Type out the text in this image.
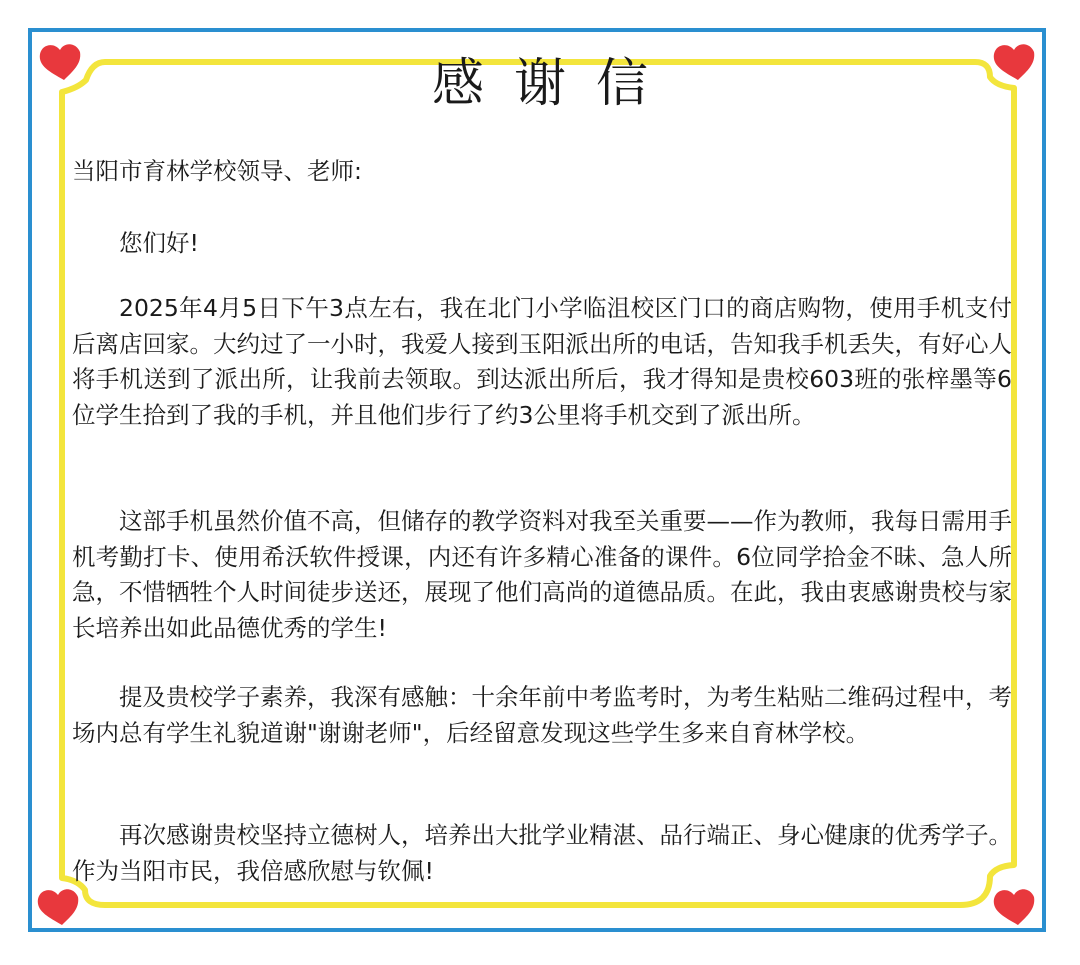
感谢信
当阳市育林学校领导、老师:
您们好!
2025年4月5日下午3点左右，我在北门小学临沮校区门口的商店购物，使用手机支付后离店回家。大约过了一小时，我爱人接到玉阳派出所的电话，告知我手机丢失，有好心人将手机送到了派出所，让我前去领取。到达派出所后，我才得知是贵校603班的张梓墨等6位学生拾到了我的手机，并且他们步行了约3公里将手机交到了派出所。
这部手机虽然价值不高，但储存的教学资料对我至关重要——作为教师，我每日需用手机考勤打卡、使用希沃软件授课，内还有许多精心准备的课件。6位同学拾金不昧、急人所急，不惜牺牲个人时间徒步送还，展现了他们高尚的道德品质。在此，我由衷感谢贵校与家长培养出如此品德优秀的学生!
提及贵校学子素养，我深有感触：十余年前中考监考时，为考生粘贴二维码过程中，考场内总有学生礼貌道谢"谢谢老师"，后经留意发现这些学生多来自育林学校。
再次感谢贵校坚持立德树人，培养出大批学业精湛、品行端正、身心健康的优秀学子。作为当阳市民，我倍感欣慰与钦佩!
